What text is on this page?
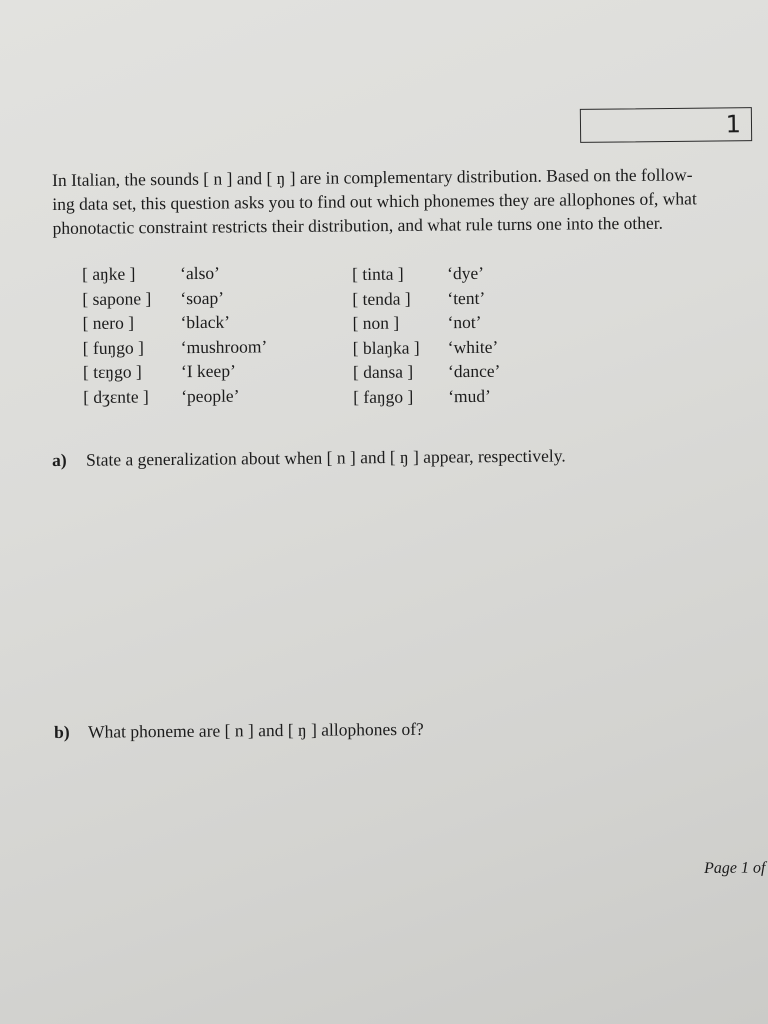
1
In Italian, the sounds [ n ] and [ ŋ ] are in complementary distribution. Based on the follow-
ing data set, this question asks you to find out which phonemes they are allophones of, what
phonotactic constraint restricts their distribution, and what rule turns one into the other.
[ aŋke ]	‘also’
[ sapone ]	‘soap’
[ nero ]	‘black’
[ fuŋgo ]	‘mushroom’
[ tɛŋgo ]	‘I keep’
[ dʒɛnte ]	‘people’
[ tinta ]	‘dye’
[ tenda ]	‘tent’
[ non ]	‘not’
[ blaŋka ]	‘white’
[ dansa ]	‘dance’
[ faŋgo ]	‘mud’
a) State a generalization about when [ n ] and [ ŋ ] appear, respectively.
b) What phoneme are [ n ] and [ ŋ ] allophones of?
Page 1 of
